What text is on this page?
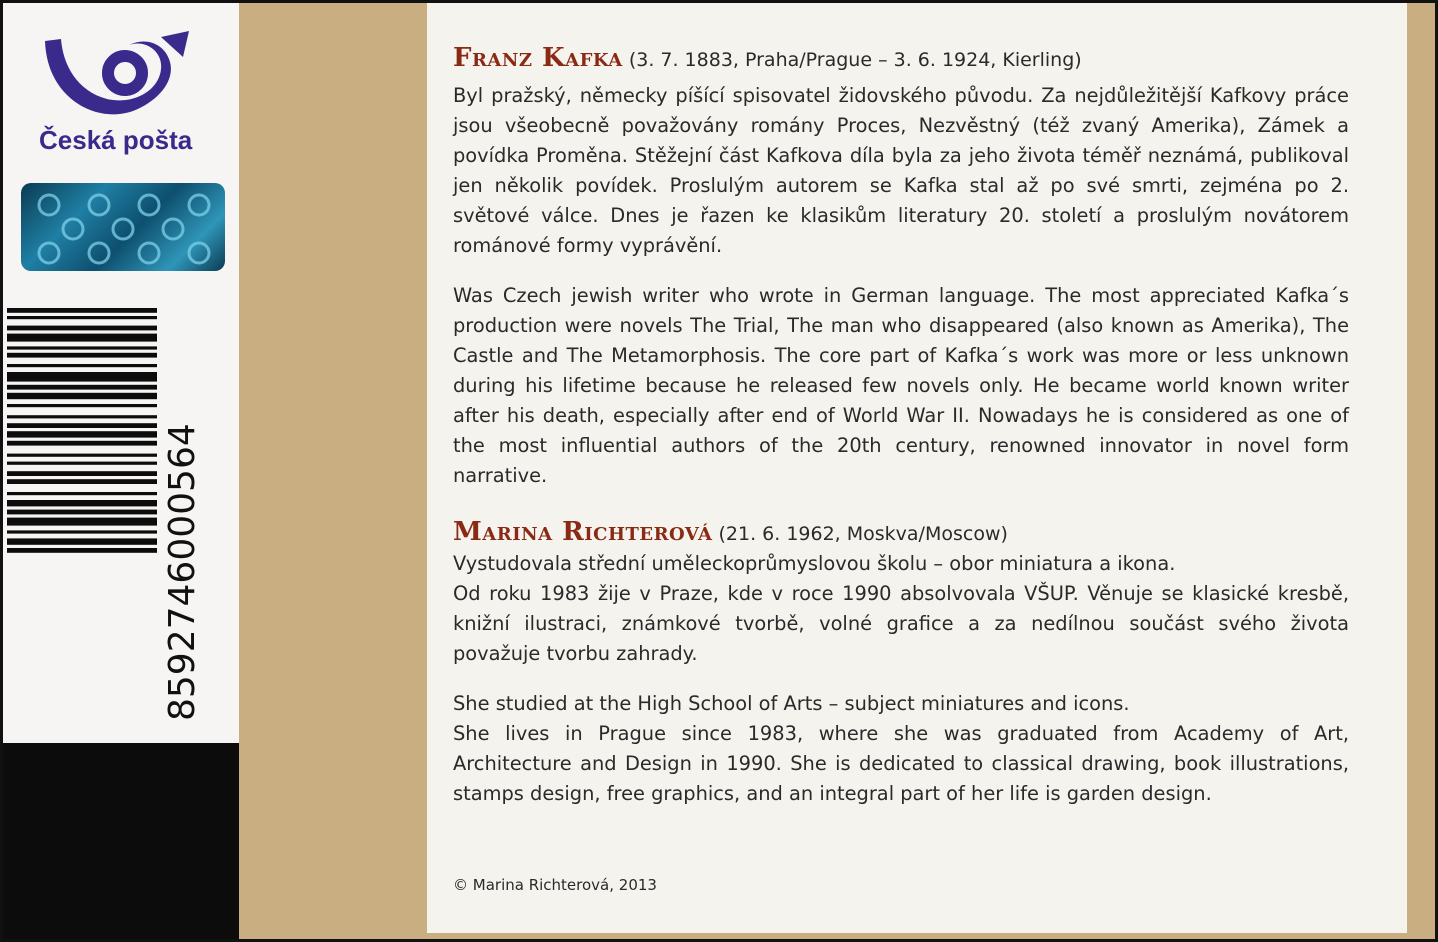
Česká pošta
8592746000564

Franz Kafka (3. 7. 1883, Praha/Prague – 3. 6. 1924, Kierling)

Byl pražský, německy píšící spisovatel židovského původu. Za nejdůležitější Kafkovy práce jsou všeobecně považovány romány Proces, Nezvěstný (též zvaný Amerika), Zámek a povídka Proměna. Stěžejní část Kafkova díla byla za jeho života téměř neznámá, publikoval jen několik povídek. Proslulým autorem se Kafka stal až po své smrti, zejména po 2. světové válce. Dnes je řazen ke klasikům literatury 20. století a proslulým novátorem románové formy vyprávění.

Was Czech jewish writer who wrote in German language. The most appreciated Kafka´s production were novels The Trial, The man who disappeared (also known as Amerika), The Castle and The Metamorphosis. The core part of Kafka´s work was more or less unknown during his lifetime because he released few novels only. He became world known writer after his death, especially after end of World War II. Nowadays he is considered as one of the most influential authors of the 20th century, renowned innovator in novel form narrative.

Marina Richterová (21. 6. 1962, Moskva/Moscow)

Vystudovala střední uměleckoprůmyslovou školu – obor miniatura a ikona.

Od roku 1983 žije v Praze, kde v roce 1990 absolvovala VŠUP. Věnuje se klasické kresbě, knižní ilustraci, známkové tvorbě, volné grafice a za nedílnou součást svého života považuje tvorbu zahrady.

She studied at the High School of Arts – subject miniatures and icons.

She lives in Prague since 1983, where she was graduated from Academy of Art, Architecture and Design in 1990. She is dedicated to classical drawing, book illustrations, stamps design, free graphics, and an integral part of her life is garden design.

© Marina Richterová, 2013
